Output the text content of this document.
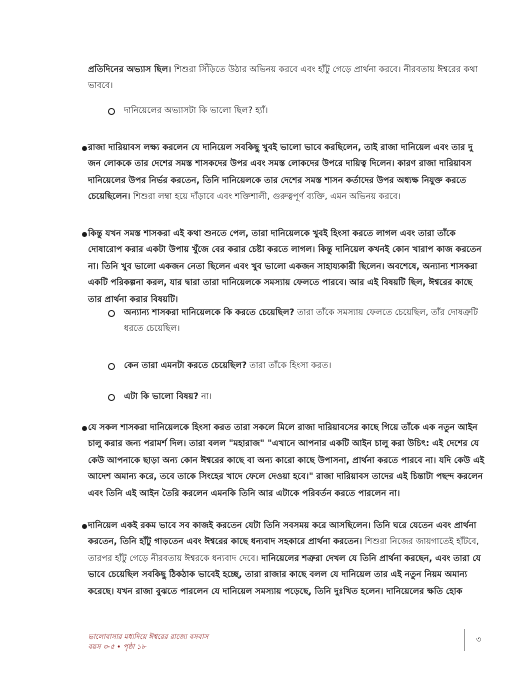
প্রতিদিনের অভ্যাস ছিল। শিশুরা সিঁড়িতে উঠার অভিনয় করবে এবং হাঁটু গেড়ে প্রার্থনা করবে। নীরবতায় ঈশ্বরের কথা ভাববে।

দানিয়েলের অভ্যাসটা কি ভালো ছিল? হ্যাঁ।

রাজা দারিয়াবস লক্ষ্য করলেন যে দানিয়েল সবকিছু খুবই ভালো ভাবে করছিলেন, তাই রাজা দানিয়েল এবং তার দু জন লোককে তার দেশের সমস্ত শাসকদের উপর এবং সমস্ত লোকদের উপরে দায়িত্ব দিলেন। কারণ রাজা দারিয়াবস দানিয়েলের উপর নির্ভর করতেন, তিনি দানিয়েলকে তার দেশের সমস্ত শাসন কর্তাদের উপর অধ্যক্ষ নিযুক্ত করতে চেয়েছিলেন। শিশুরা লম্বা হয়ে দাঁড়াবে এবং শক্তিশালী, গুরুত্বপূর্ণ ব্যক্তি, এমন অভিনয় করবে।

কিন্তু যখন সমস্ত শাসকরা এই কথা শুনতে পেল, তারা দানিয়েলকে খুবই হিংসা করতে লাগল এবং তারা তাঁকে দোষারোপ করার একটা উপায় খুঁজে বের করার চেষ্টা করতে লাগল। কিন্তু দানিয়েল কখনই কোন খারাপ কাজ করতেন না। তিনি খুব ভালো একজন নেতা ছিলেন এবং খুব ভালো একজন সাহায্যকারী ছিলেন। অবশেষে, অন্যান্য শাসকরা একটি পরিকল্পনা করল, যার দ্বারা তারা দানিয়েলকে সমস্যায় ফেলতে পারবে। আর এই বিষয়টি ছিল, ঈশ্বরের কাছে তার প্রার্থনা করার বিষয়টি।

অন্যান্য শাসকরা দানিয়েলকে কি করতে চেয়েছিল? তারা তাঁকে সমস্যায় ফেলতে চেয়েছিল, তাঁর দোষত্রুটি ধরতে চেয়েছিল।
কেন তারা এমনটা করতে চেয়েছিল? তারা তাঁকে হিংসা করত।
এটা কি ভালো বিষয়? না।

যে সকল শাসকরা দানিয়েলকে হিংসা করত তারা সকলে মিলে রাজা দারিয়াবসের কাছে গিয়ে তাঁকে এক নতুন আইন চালু করার জন্য পরামর্শ দিল। তারা বলল "মহারাজ" "এখানে আপনার একটি আইন চালু করা উচিৎ: এই দেশের যে কেউ আপনাকে ছাড়া অন্য কোন ঈশ্বরের কাছে বা অন্য কারো কাছে উপাসনা, প্রার্থনা করতে পারবে না। যদি কেউ এই আদেশ অমান্য করে, তবে তাকে সিংহের খাদে ফেলে দেওয়া হবে।" রাজা দারিয়াবস তাদের এই চিন্তাটা পছন্দ করলেন এবং তিনি এই আইন তৈরি করলেন এমনকি তিনি আর এটাকে পরিবর্তন করতে পারলেন না।

দানিয়েল একই রকম ভাবে সব কাজই করতেন যেটা তিনি সবসময় করে আসছিলেন। তিনি ঘরে যেতেন এবং প্রার্থনা করতেন, তিনি হাঁটু গাড়তেন এবং ঈশ্বরের কাছে ধন্যবাদ সহকারে প্রার্থনা করতেন। শিশুরা নিজের জায়গাতেই হাঁটবে, তারপর হাঁটু গেড়ে নীরবতায় ঈশ্বরকে ধন্যবাদ দেবে। দানিয়েলের শত্রুরা দেখল যে তিনি প্রার্থনা করছেন, এবং তারা যে ভাবে চেয়েছিল সবকিছু ঠিকঠাক ভাবেই হচ্ছে, তারা রাজার কাছে বলল যে দানিয়েল তার এই নতুন নিয়ম অমান্য করেছে। যখন রাজা বুঝতে পারলেন যে দানিয়েল সমস্যায় পড়েছে, তিনি দুঃখিত হলেন। দানিয়েলের ক্ষতি হোক

ভালোবাসার মধ্যদিয়ে ঈশ্বরের রাজ্যে বসবাস
বয়স ৩-৫ • পৃষ্ঠা ১৮
৩
